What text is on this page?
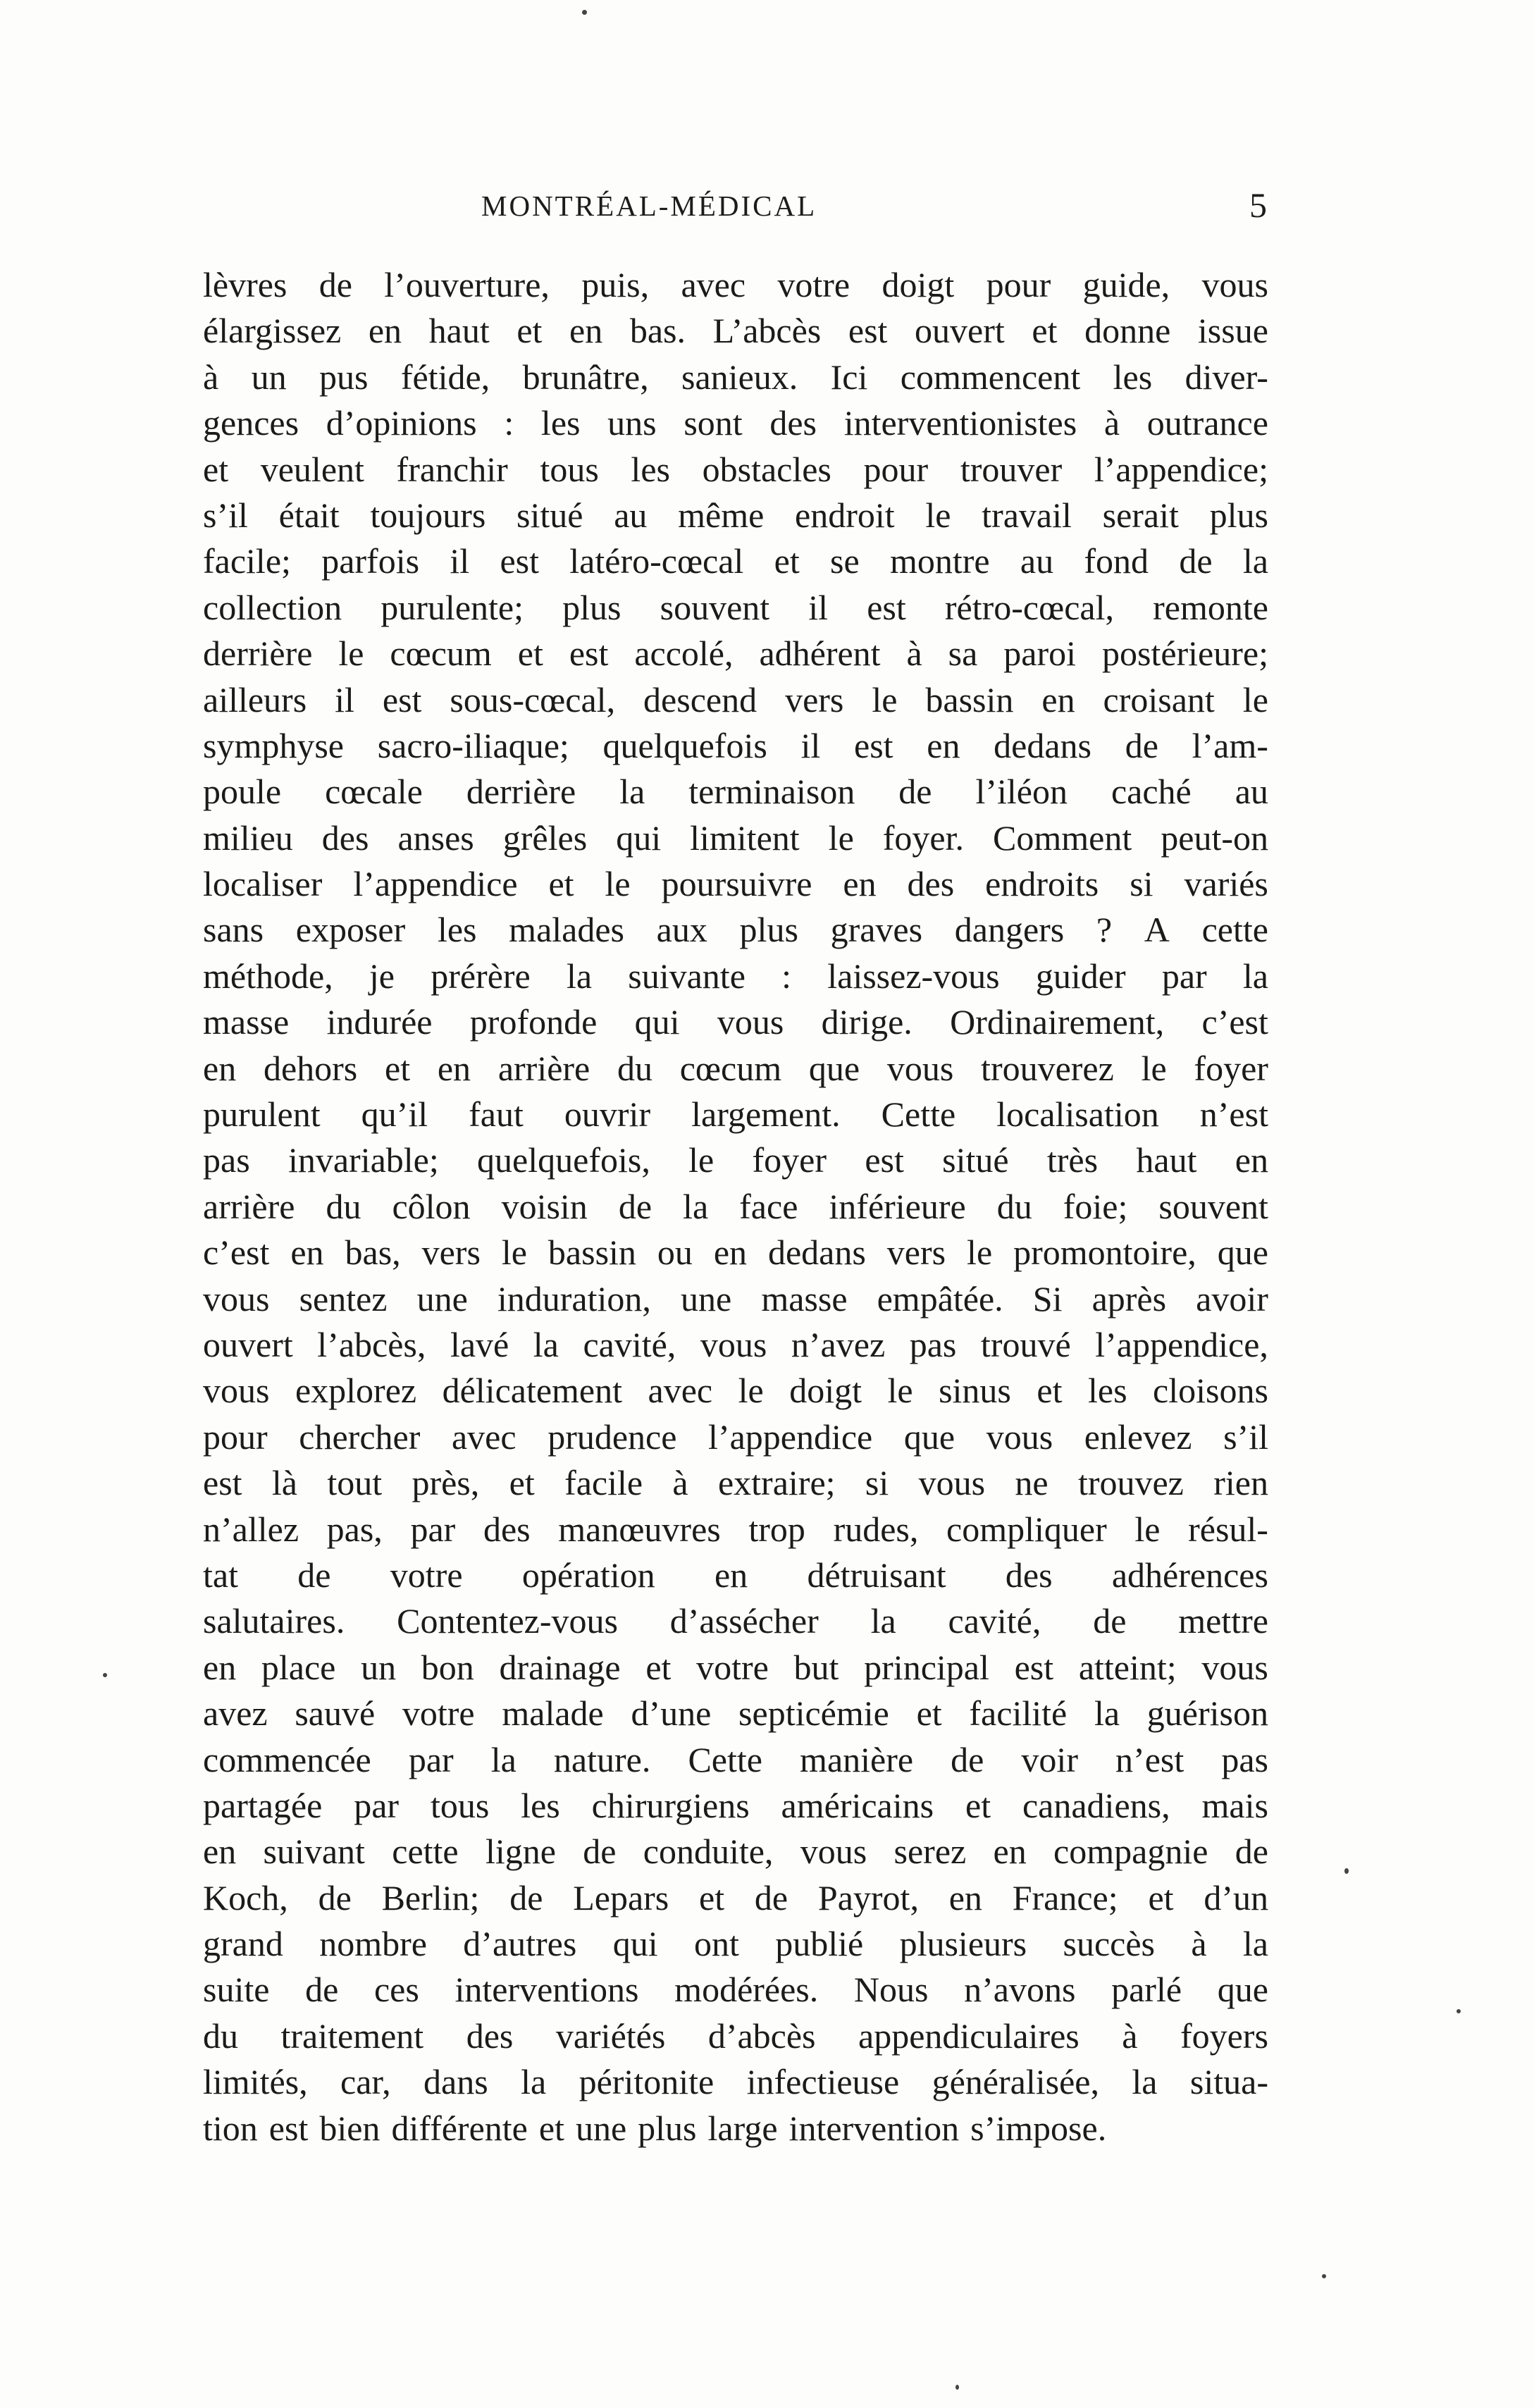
MONTRÉAL-MÉDICAL	5
lèvres de l’ouverture, puis, avec votre doigt pour guide, vous
élargissez en haut et en bas. L’abcès est ouvert et donne issue
à un pus fétide, brunâtre, sanieux. Ici commencent les diver-
gences d’opinions : les uns sont des interventionistes à outrance
et veulent franchir tous les obstacles pour trouver l’appendice;
s’il était toujours situé au même endroit le travail serait plus
facile; parfois il est latéro-cœcal et se montre au fond de la
collection purulente; plus souvent il est rétro-cœcal, remonte
derrière le cœcum et est accolé, adhérent à sa paroi postérieure;
ailleurs il est sous-cœcal, descend vers le bassin en croisant le
symphyse sacro-iliaque; quelquefois il est en dedans de l’am-
poule cœcale derrière la terminaison de l’iléon caché au
milieu des anses grêles qui limitent le foyer. Comment peut-on
localiser l’appendice et le poursuivre en des endroits si variés
sans exposer les malades aux plus graves dangers ? A cette
méthode, je prérère la suivante : laissez-vous guider par la
masse indurée profonde qui vous dirige. Ordinairement, c’est
en dehors et en arrière du cœcum que vous trouverez le foyer
purulent qu’il faut ouvrir largement. Cette localisation n’est
pas invariable; quelquefois, le foyer est situé très haut en
arrière du côlon voisin de la face inférieure du foie; souvent
c’est en bas, vers le bassin ou en dedans vers le promontoire, que
vous sentez une induration, une masse empâtée. Si après avoir
ouvert l’abcès, lavé la cavité, vous n’avez pas trouvé l’appendice,
vous explorez délicatement avec le doigt le sinus et les cloisons
pour chercher avec prudence l’appendice que vous enlevez s’il
est là tout près, et facile à extraire; si vous ne trouvez rien
n’allez pas, par des manœuvres trop rudes, compliquer le résul-
tat de votre opération en détruisant des adhérences
salutaires. Contentez-vous d’assécher la cavité, de mettre
en place un bon drainage et votre but principal est atteint; vous
avez sauvé votre malade d’une septicémie et facilité la guérison
commencée par la nature. Cette manière de voir n’est pas
partagée par tous les chirurgiens américains et canadiens, mais
en suivant cette ligne de conduite, vous serez en compagnie de
Koch, de Berlin; de Lepars et de Payrot, en France; et d’un
grand nombre d’autres qui ont publié plusieurs succès à la
suite de ces interventions modérées. Nous n’avons parlé que
du traitement des variétés d’abcès appendiculaires à foyers
limités, car, dans la péritonite infectieuse généralisée, la situa-
tion est bien différente et une plus large intervention s’impose.
